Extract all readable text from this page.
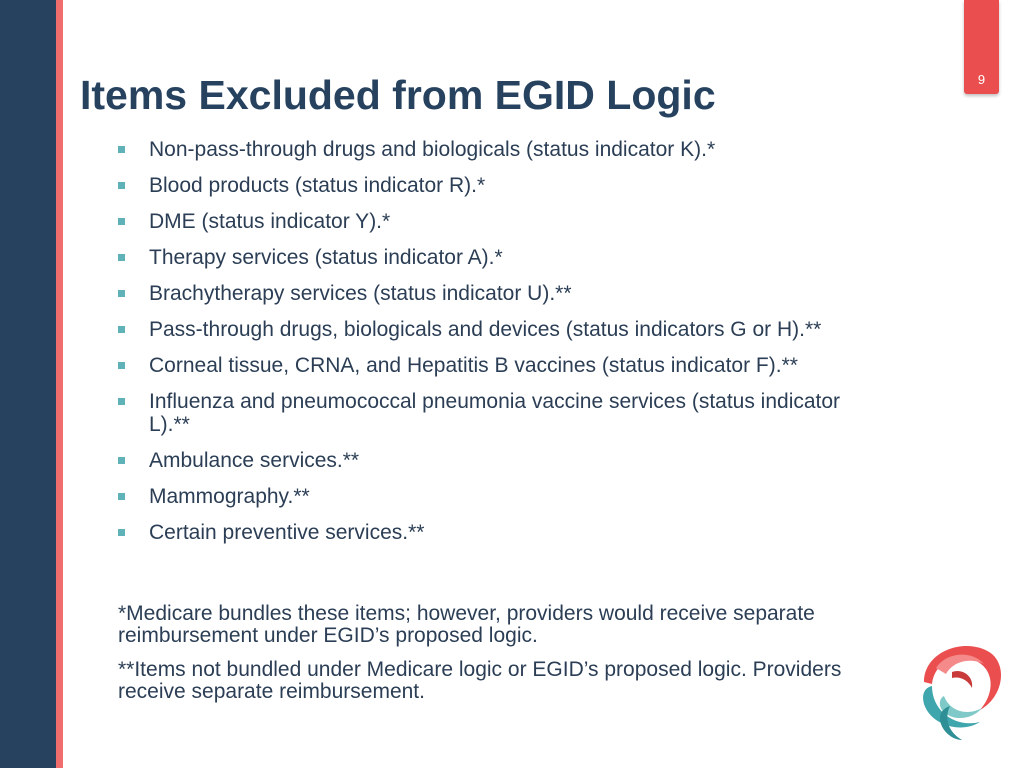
9
Items Excluded from EGID Logic
Non-pass-through drugs and biologicals (status indicator K).*
Blood products (status indicator R).*
DME (status indicator Y).*
Therapy services (status indicator A).*
Brachytherapy services (status indicator U).**
Pass-through drugs, biologicals and devices (status indicators G or H).**
Corneal tissue, CRNA, and Hepatitis B vaccines (status indicator F).**
Influenza and pneumococcal pneumonia vaccine services (status indicator L).**
Ambulance services.**
Mammography.**
Certain preventive services.**

*Medicare bundles these items; however, providers would receive separate reimbursement under EGID’s proposed logic.

**Items not bundled under Medicare logic or EGID’s proposed logic. Providers receive separate reimbursement.
